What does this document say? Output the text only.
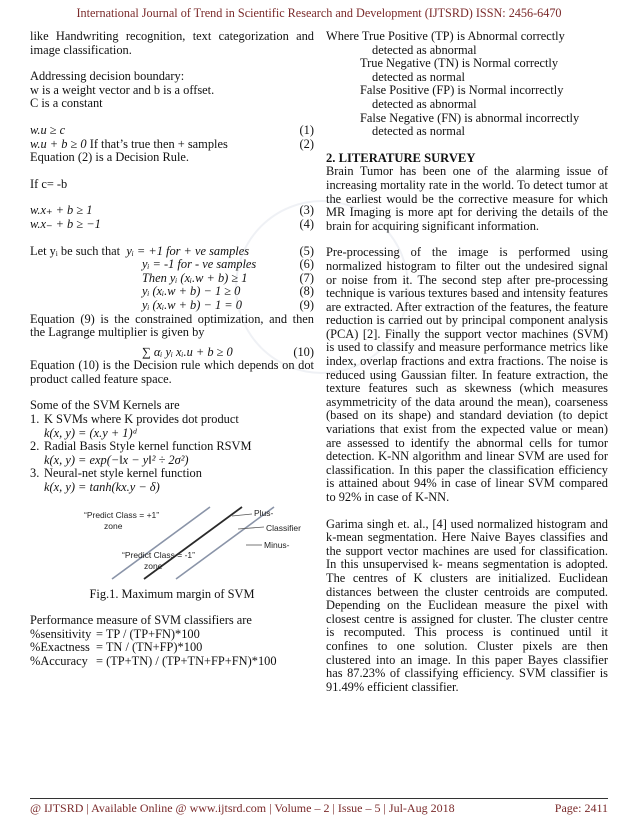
International Journal of Trend in Scientific Research and Development (IJTSRD) ISSN: 2456-6470

like Handwriting recognition, text categorization and image classification.

Addressing decision boundary:

w is a weight vector and b is a offset.

C is a constant

w.u ≥ c	(1)
w.u + b ≥ 0 If that’s true then + samples	(2)

Equation (2) is a Decision Rule.

If c= -b

w.x₊ + b ≥ 1	(3)
w.x₋ + b ≥ −1	(4)
Let yᵢ be such that yᵢ = +1 for + ve samples	(5)
yᵢ = -1 for - ve samples	(6)
Then yᵢ (xᵢ.w + b) ≥ 1	(7)
yᵢ (xᵢ.w + b) − 1 ≥ 0	(8)
yᵢ (xᵢ.w + b) − 1 = 0	(9)

Equation (9) is the constrained optimization, and then the Lagrange multiplier is given by

∑ αᵢ yᵢ xᵢ.u + b ≥ 0	(10)

Equation (10) is the Decision rule which depends on dot product called feature space.

Some of the SVM Kernels are

1. K SVMs where K provides dot product

k(x, y) = (x.y + 1)ᵈ

2. Radial Basis Style kernel function RSVM

k(x, y) = exp(−‖x − y‖² ÷ 2σ²)

3. Neural-net style kernel function

k(x, y) = tanh(kx.y − δ)

“Predict Class = +1”
zone
“Predict Class = -1”
zone
Plus-
Classifier
Minus-

Fig.1. Maximum margin of SVM

Performance measure of SVM classifiers are

%sensitivity = TP / (TP+FN)*100
%Exactness = TN / (TN+FP)*100
%Accuracy = (TP+TN) / (TP+TN+FP+FN)*100

Where True Positive (TP) is Abnormal correctly

detected as abnormal

True Negative (TN) is Normal correctly

detected as normal

False Positive (FP) is Normal incorrectly

detected as abnormal

False Negative (FN) is abnormal incorrectly

detected as normal

2. LITERATURE SURVEY

Brain Tumor has been one of the alarming issue of increasing mortality rate in the world. To detect tumor at the earliest would be the corrective measure for which MR Imaging is more apt for deriving the details of the brain for acquiring significant information.

Pre-processing of the image is performed using normalized histogram to filter out the undesired signal or noise from it. The second step after pre-processing technique is various textures based and intensity features are extracted. After extraction of the features, the feature reduction is carried out by principal component analysis (PCA) [2]. Finally the support vector machines (SVM) is used to classify and measure performance metrics like index, overlap fractions and extra fractions. The noise is reduced using Gaussian filter. In feature extraction, the texture features such as skewness (which measures asymmetricity of the data around the mean), coarseness (based on its shape) and standard deviation (to depict variations that exist from the expected value or mean) are assessed to identify the abnormal cells for tumor detection. K-NN algorithm and linear SVM are used for classification. In this paper the classification efficiency is attained about 94% in case of linear SVM compared to 92% in case of K-NN.

Garima singh et. al., [4] used normalized histogram and k-mean segmentation. Here Naive Bayes classifies and the support vector machines are used for classification. In this unsupervised k- means segmentation is adopted. The centres of K clusters are initialized. Euclidean distances between the cluster centroids are computed. Depending on the Euclidean measure the pixel with closest centre is assigned for cluster. The cluster centre is recomputed. This process is continued until it confines to one solution. Cluster pixels are then clustered into an image. In this paper Bayes classifier has 87.23% of classifying efficiency. SVM classifier is 91.49% efficient classifier.

@ IJTSRD | Available Online @ www.ijtsrd.com | Volume – 2 | Issue – 5 | Jul-Aug 2018	Page: 2411
